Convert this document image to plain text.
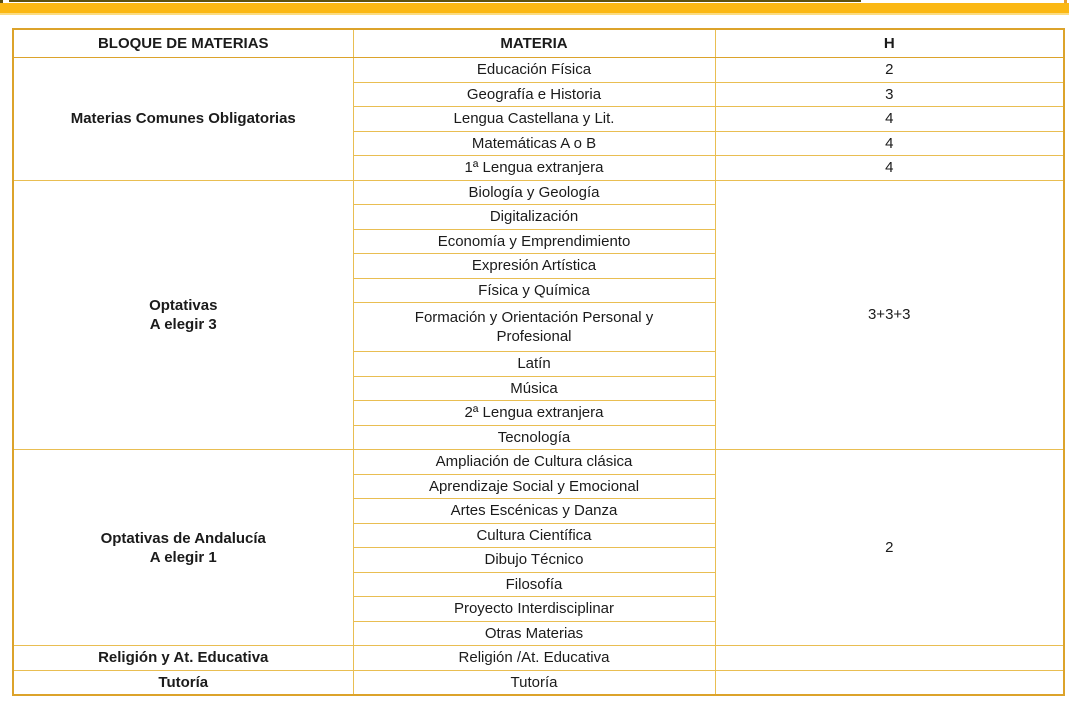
BLOQUE DE MATERIAS	MATERIA	H

Materias Comunes Obligatorias	Educación Física	2

	Geografía e Historia	3

	Lengua Castellana y Lit.	4

	Matemáticas A o B	4

	1ª Lengua extranjera	4

Optativas
A elegir 3	Biología y Geología	3+3+3

	Digitalización	

	Economía y Emprendimiento	

	Expresión Artística	

	Física y Química	

	Formación y Orientación Personal y
Profesional	

	Latín	

	Música	

	2ª Lengua extranjera	

	Tecnología	

Optativas de Andalucía
A elegir 1	Ampliación de Cultura clásica	2

	Aprendizaje Social y Emocional	

	Artes Escénicas y Danza	

	Cultura Científica	

	Dibujo Técnico	

	Filosofía	

	Proyecto Interdisciplinar	

	Otras Materias	

Religión y At. Educativa	Religión /At. Educativa	

Tutoría	Tutoría	
